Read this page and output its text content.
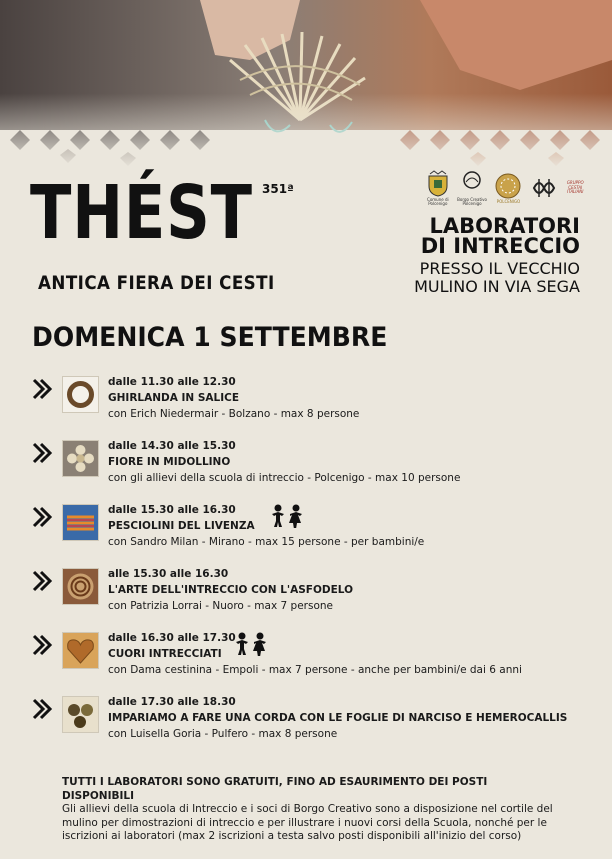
THÉST 351ª
ANTICA FIERA DEI CESTI
Comune di Polcenigo
Borgo Creativo Polcenigo	POLCENIGO
GRUPPO CESTAI ITALIANI
LABORATORI
DI INTRECCIO
PRESSO IL VECCHIO
MULINO IN VIA SEGA
DOMENICA 1 SETTEMBRE
dalle 11.30 alle 12.30
GHIRLANDA IN SALICE
con Erich Niedermair - Bolzano - max 8 persone
dalle 14.30 alle 15.30
FIORE IN MIDOLLINO
con gli allievi della scuola di intreccio - Polcenigo - max 10 persone
dalle 15.30 alle 16.30
PESCIOLINI DEL LIVENZA
con Sandro Milan - Mirano - max 15 persone - per bambini/e
alle 15.30 alle 16.30
L'ARTE DELL'INTRECCIO CON L'ASFODELO
con Patrizia Lorrai - Nuoro - max 7 persone
dalle 16.30 alle 17.30
CUORI INTRECCIATI
con Dama cestinina - Empoli - max 7 persone - anche per bambini/e dai 6 anni
dalle 17.30 alle 18.30
IMPARIAMO A FARE UNA CORDA CON LE FOGLIE DI NARCISO E HEMEROCALLIS
con Luisella Goria - Pulfero - max 8 persone
TUTTI I LABORATORI SONO GRATUITI, FINO AD ESAURIMENTO DEI POSTI DISPONIBILI
Gli allievi della scuola di Intreccio e i soci di Borgo Creativo sono a disposizione nel cortile del
mulino per dimostrazioni di intreccio e per illustrare i nuovi corsi della Scuola, nonché per le
iscrizioni ai laboratori (max 2 iscrizioni a testa salvo posti disponibili all'inizio del corso)
